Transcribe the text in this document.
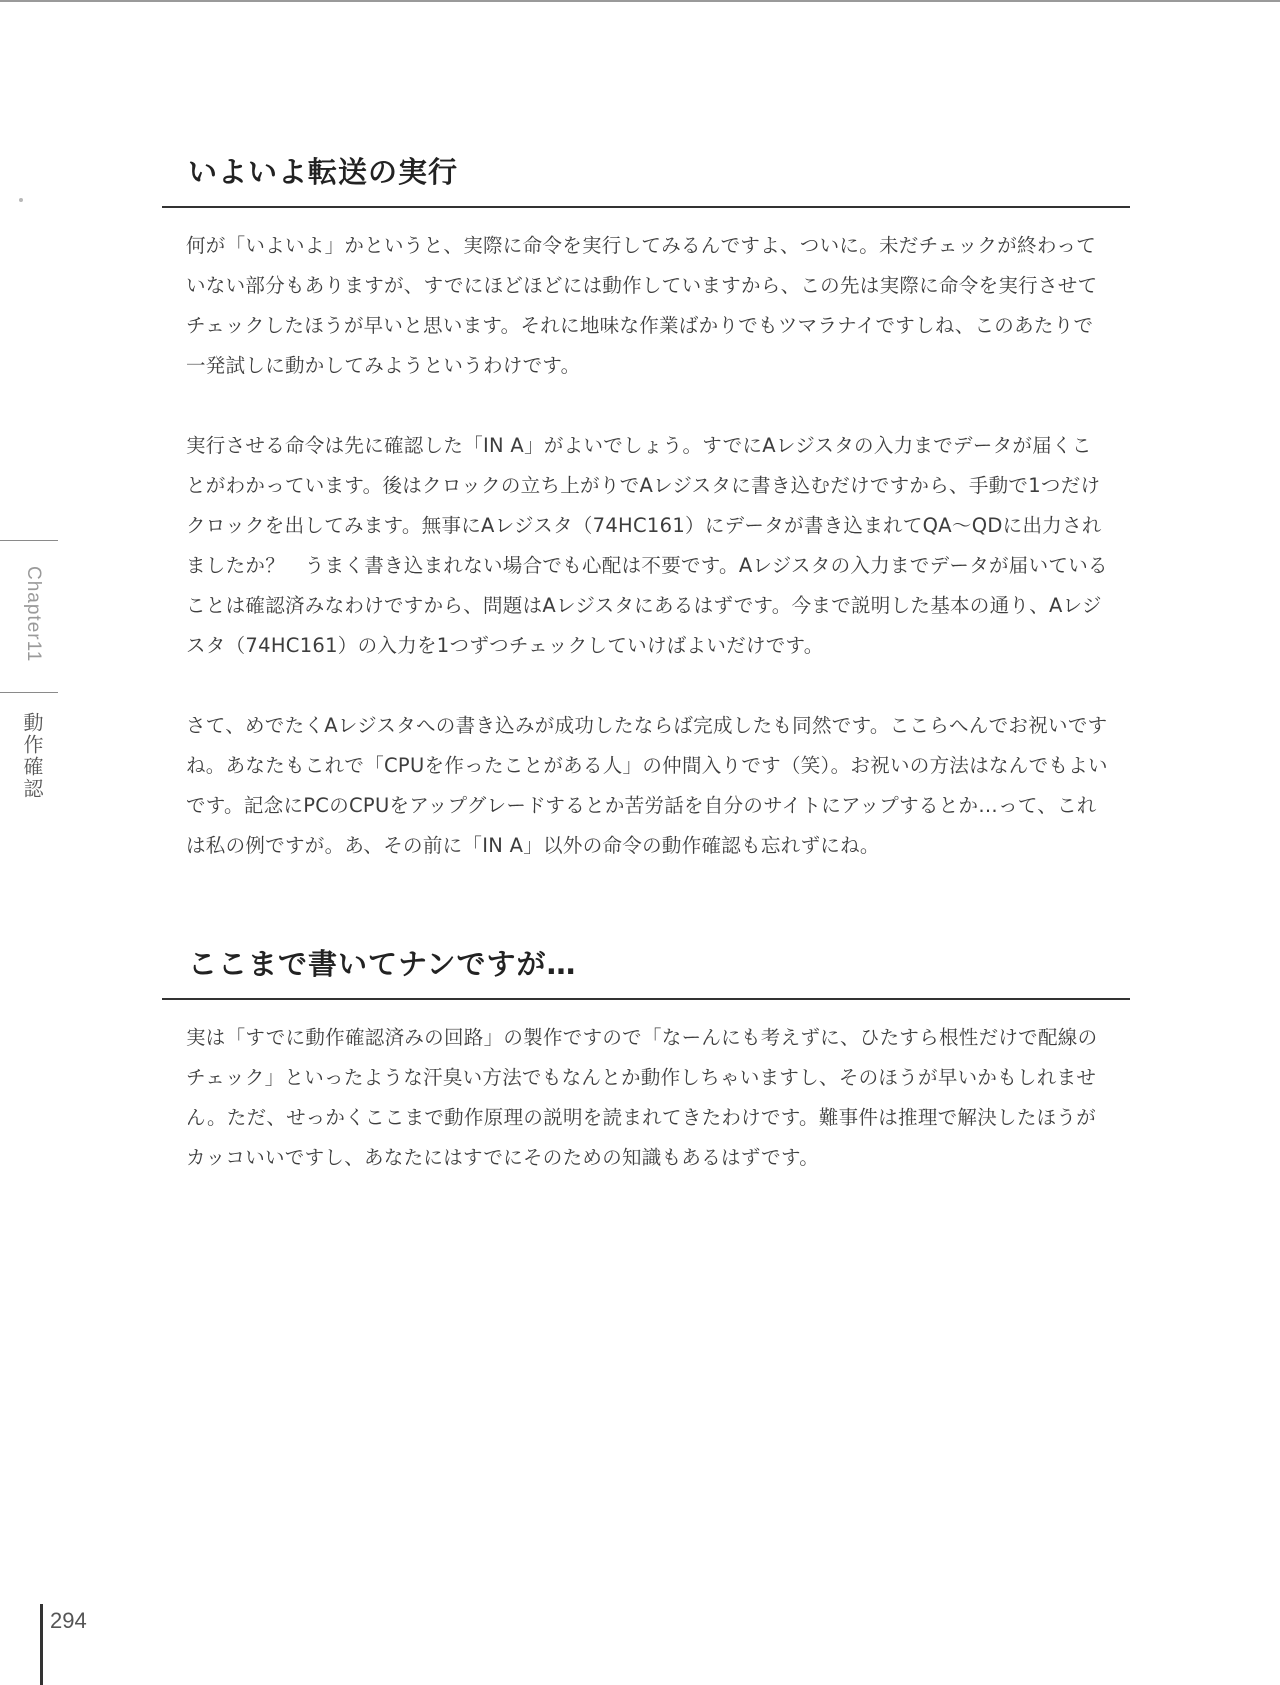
Chapter11
動作確認
いよいよ転送の実行

何が「いよいよ」かというと、実際に命令を実行してみるんですよ、ついに。未だチェックが終わっていない部分もありますが、すでにほどほどには動作していますから、この先は実際に命令を実行させてチェックしたほうが早いと思います。それに地味な作業ばかりでもツマラナイですしね、このあたりで一発試しに動かしてみようというわけです。

実行させる命令は先に確認した「IN A」がよいでしょう。すでにAレジスタの入力までデータが届くことがわかっています。後はクロックの立ち上がりでAレジスタに書き込むだけですから、手動で1つだけクロックを出してみます。無事にAレジスタ（74HC161）にデータが書き込まれてQA～QDに出力されましたか？　うまく書き込まれない場合でも心配は不要です。Aレジスタの入力までデータが届いていることは確認済みなわけですから、問題はAレジスタにあるはずです。今まで説明した基本の通り、Aレジスタ（74HC161）の入力を1つずつチェックしていけばよいだけです。

さて、めでたくAレジスタへの書き込みが成功したならば完成したも同然です。ここらへんでお祝いですね。あなたもこれで「CPUを作ったことがある人」の仲間入りです（笑）。お祝いの方法はなんでもよいです。記念にPCのCPUをアップグレードするとか苦労話を自分のサイトにアップするとか…って、これは私の例ですが。あ、その前に「IN A」以外の命令の動作確認も忘れずにね。

ここまで書いてナンですが…

実は「すでに動作確認済みの回路」の製作ですので「なーんにも考えずに、ひたすら根性だけで配線のチェック」といったような汗臭い方法でもなんとか動作しちゃいますし、そのほうが早いかもしれません。ただ、せっかくここまで動作原理の説明を読まれてきたわけです。難事件は推理で解決したほうがカッコいいですし、あなたにはすでにそのための知識もあるはずです。

294
